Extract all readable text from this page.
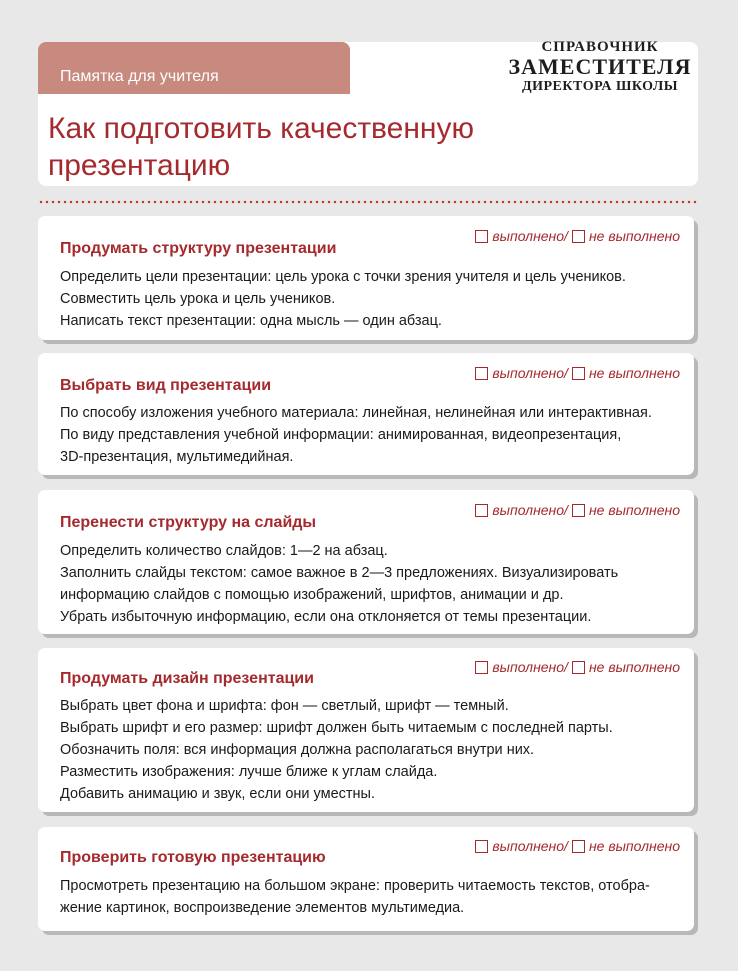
Памятка для учителя
Как подготовить качественную презентацию
СПРАВОЧНИК
ЗАМЕСТИТЕЛЯ
ДИРЕКТОРА ШКОЛЫ
Продумать структуру презентации
выполнено/ не выполнено

Определить цели презентации: цель урока с точки зрения учителя и цель учеников.

Совместить цель урока и цель учеников.

Написать текст презентации: одна мысль — один абзац.

Выбрать вид презентации
выполнено/ не выполнено

По способу изложения учебного материала: линейная, нелинейная или интерактивная.

По виду представления учебной информации: анимированная, видеопрезентация,

3D-презентация, мультимедийная.

Перенести структуру на слайды
выполнено/ не выполнено

Определить количество слайдов: 1—2 на абзац.

Заполнить слайды текстом: самое важное в 2—3 предложениях. Визуализировать

информацию слайдов с помощью изображений, шрифтов, анимации и др.

Убрать избыточную информацию, если она отклоняется от темы презентации.

Продумать дизайн презентации
выполнено/ не выполнено

Выбрать цвет фона и шрифта: фон — светлый, шрифт — темный.

Выбрать шрифт и его размер: шрифт должен быть читаемым с последней парты.

Обозначить поля: вся информация должна располагаться внутри них.

Разместить изображения: лучше ближе к углам слайда.

Добавить анимацию и звук, если они уместны.

Проверить готовую презентацию
выполнено/ не выполнено

Просмотреть презентацию на большом экране: проверить читаемость текстов, отобра-

жение картинок, воспроизведение элементов мультимедиа.
